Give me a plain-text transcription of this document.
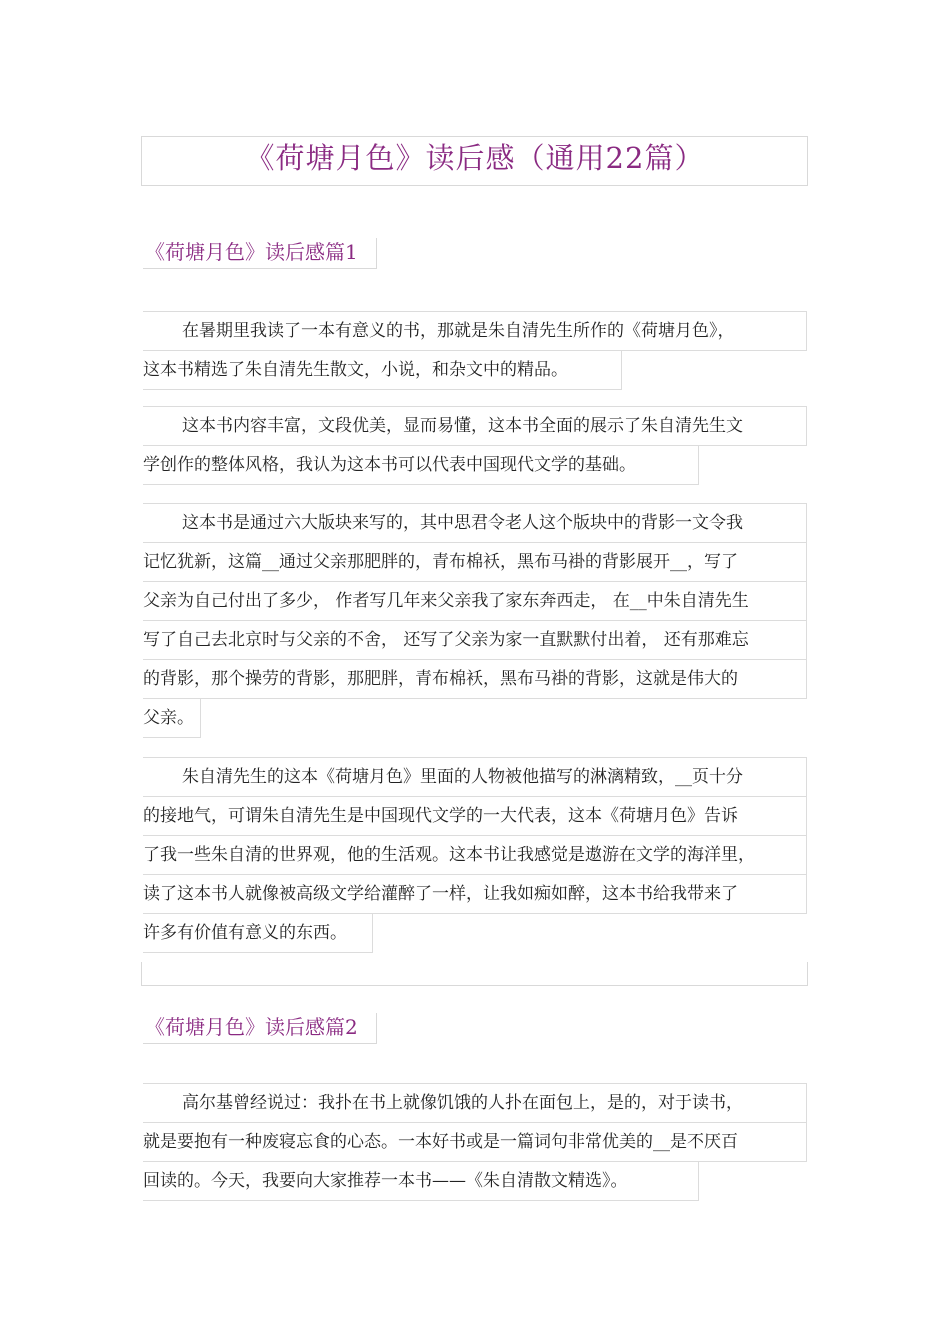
《荷塘月色》读后感（通用22篇）
《荷塘月色》读后感篇1
在暑期里我读了一本有意义的书，那就是朱自清先生所作的《荷塘月色》，
这本书精选了朱自清先生散文，小说，和杂文中的精品。
这本书内容丰富，文段优美，显而易懂，这本书全面的展示了朱自清先生文
学创作的整体风格，我认为这本书可以代表中国现代文学的基础。
这本书是通过六大版块来写的，其中思君令老人这个版块中的背影一文令我
记忆犹新，这篇__通过父亲那肥胖的，青布棉袄，黑布马褂的背影展开__，写了
父亲为自己付出了多少， 作者写几年来父亲我了家东奔西走， 在__中朱自清先生
写了自己去北京时与父亲的不舍， 还写了父亲为家一直默默付出着， 还有那难忘
的背影，那个操劳的背影，那肥胖，青布棉袄，黑布马褂的背影，这就是伟大的
父亲。
朱自清先生的这本《荷塘月色》里面的人物被他描写的淋漓精致，__页十分
的接地气，可谓朱自清先生是中国现代文学的一大代表，这本《荷塘月色》告诉
了我一些朱自清的世界观，他的生活观。这本书让我感觉是遨游在文学的海洋里，
读了这本书人就像被高级文学给灌醉了一样，让我如痴如醉，这本书给我带来了
许多有价值有意义的东西。
《荷塘月色》读后感篇2
高尔基曾经说过：我扑在书上就像饥饿的人扑在面包上，是的，对于读书，
就是要抱有一种废寝忘食的心态。一本好书或是一篇词句非常优美的__是不厌百
回读的。今天，我要向大家推荐一本书——《朱自清散文精选》。
